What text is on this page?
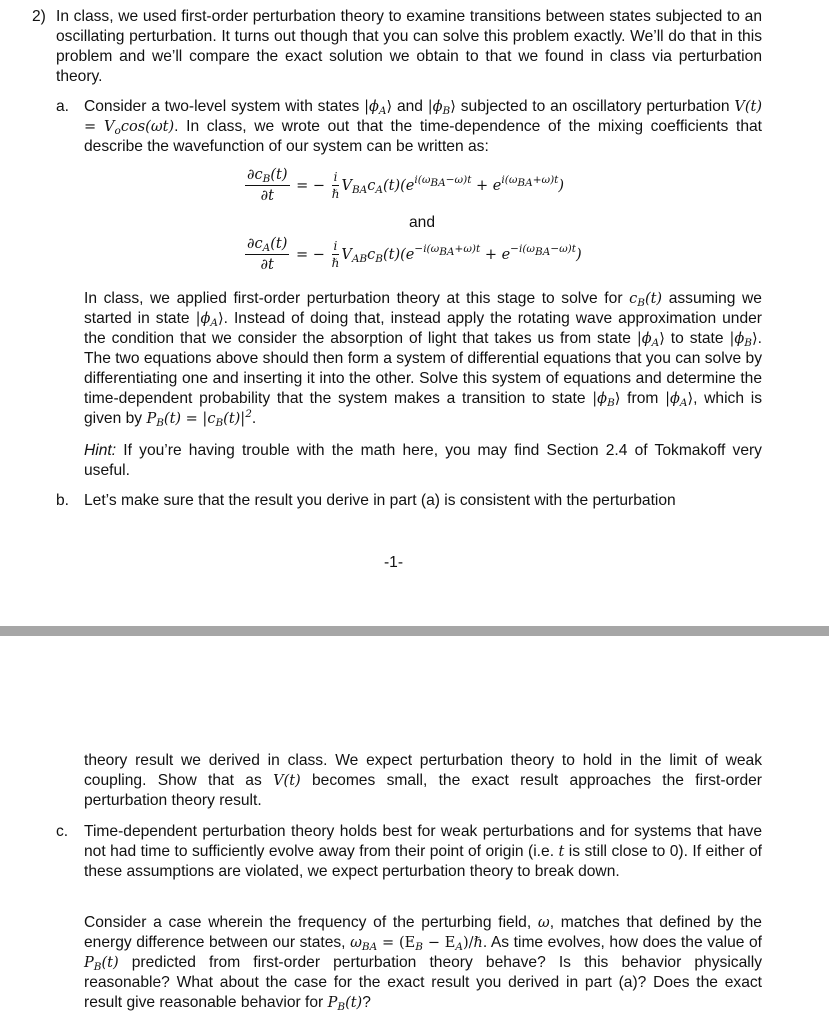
2) In class, we used first-order perturbation theory to examine transitions between states subjected to an oscillating perturbation. It turns out though that you can solve this problem exactly. We’ll do that in this problem and we’ll compare the exact solution we obtain to that we found in class via perturbation theory.
a. Consider a two-level system with states $|\phi_A⟩$ and $|\phi_B⟩$ subjected to an oscillatory perturbation $V(t) = V_o\cos(\omega t)$. In class, we wrote out that the time-dependence of the mixing coefficients that describe the wavefunction of our system can be written as:
$\frac{\partial c_B(t)}{\partial t}$ = − $\frac{i}{\text{ℏ}} V_{BA}c_A(t)(e^{i(\omega_{BA}-\omega)t} + e^{i(\omega_{BA}+\omega)t})$
and
$\frac{\partial c_A(t)}{\partial t}$ = − $\frac{i}{\text{ℏ}} V_{AB}c_B(t)(e^{-i(\omega_{BA}+\omega)t} + e^{-i(\omega_{BA}-\omega)t})$
In class, we applied first-order perturbation theory at this stage to solve for $c_B(t)$ assuming we started in state $|\phi_A⟩$. Instead of doing that, instead apply the rotating wave approximation under the condition that we consider the absorption of light that takes us from state $|\phi_A⟩$ to state $|\phi_B⟩$. The two equations above should then form a system of differential equations that you can solve by differentiating one and inserting it into the other. Solve this system of equations and determine the time-dependent probability that the system makes a transition to state $|\phi_B⟩$ from $|\phi_A⟩$, which is given by $P_B(t) = |c_B(t)|^2$.
Hint: If you’re having trouble with the math here, you may find Section 2.4 of Tokmakoff very useful.
b. Let’s make sure that the result you derive in part (a) is consistent with the perturbation
-1-
theory result we derived in class. We expect perturbation theory to hold in the limit of weak coupling. Show that as V(t) becomes small, the exact result approaches the first-order perturbation theory result.
c. Time-dependent perturbation theory holds best for weak perturbations and for systems that have not had time to sufficiently evolve away from their point of origin (i.e. t is still close to 0). If either of these assumptions are violated, we expect perturbation theory to break down.
Consider a case wherein the frequency of the perturbing field, ω, matches that defined by the energy difference between our states, $\omega_{BA} = (E_B$ − $E_A)/\hbar$. As time evolves, how does the value of $P_B(t)$ predicted from first-order perturbation theory behave? Is this behavior physically reasonable? What about the case for the exact result you derived in part (a)? Does the exact result give reasonable behavior for $P_B(t)$?
